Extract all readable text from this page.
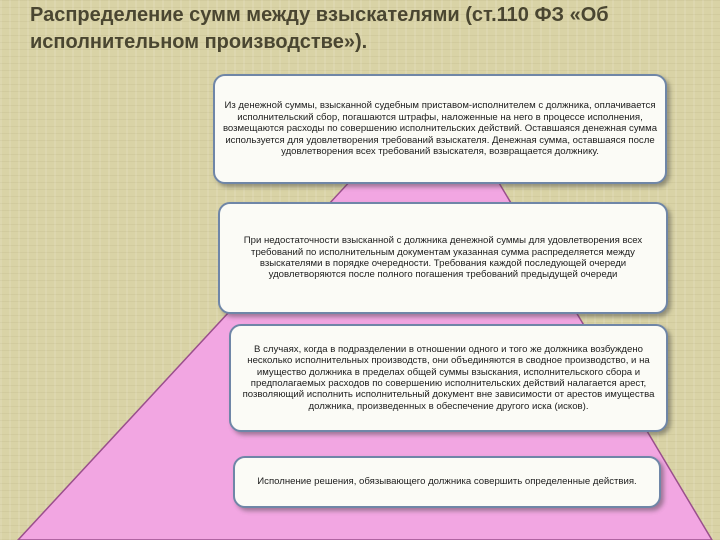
Распределение сумм между взыскателями (ст.110 ФЗ «Об исполнительном производстве»).
Из денежной суммы, взысканной судебным приставом-исполнителем с должника, оплачивается исполнительский сбор, погашаются штрафы, наложенные на него в процессе исполнения, возмещаются расходы по совершению исполнительских действий. Оставшаяся денежная сумма используется для удовлетворения требований взыскателя. Денежная сумма, оставшаяся после удовлетворения всех требований взыскателя, возвращается должнику.
При недостаточности взысканной с должника денежной суммы для удовлетворения всех требований по исполнительным документам указанная сумма распределяется между взыскателями в порядке очередности. Требования каждой последующей очереди удовлетворяются после полного погашения требований предыдущей очереди
В случаях, когда в подразделении в отношении одного и того же должника возбуждено несколько исполнительных производств, они объединяются в сводное производство, и на имущество должника в пределах общей суммы взыскания, исполнительского сбора и предполагаемых расходов по совершению исполнительских действий налагается арест, позволяющий исполнить исполнительный документ вне зависимости от арестов имущества должника, произведенных в обеспечение другого иска (исков).
Исполнение решения, обязывающего должника совершить определенные действия.
